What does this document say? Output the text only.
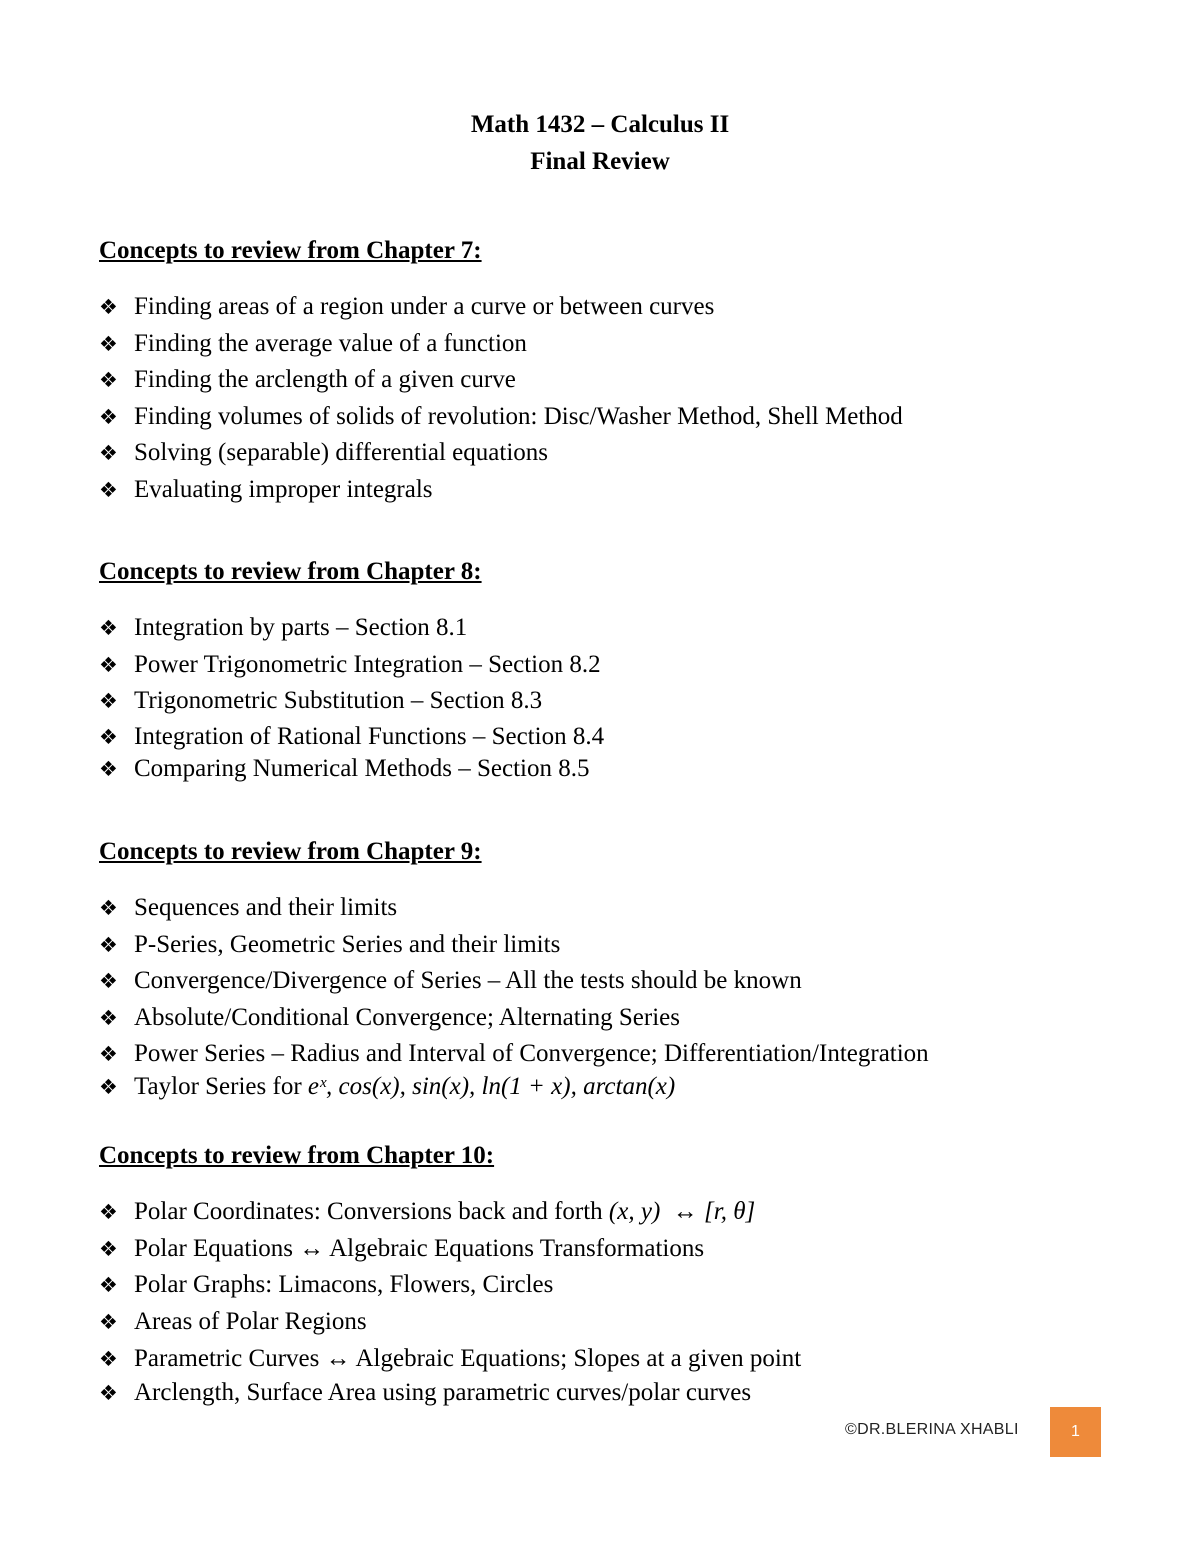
Math 1432 – Calculus II
Final Review

Concepts to review from Chapter 7:

❖ Finding areas of a region under a curve or between curves
❖ Finding the average value of a function
❖ Finding the arclength of a given curve
❖ Finding volumes of solids of revolution: Disc/Washer Method, Shell Method
❖ Solving (separable) differential equations
❖ Evaluating improper integrals

Concepts to review from Chapter 8:

❖ Integration by parts – Section 8.1
❖ Power Trigonometric Integration – Section 8.2
❖ Trigonometric Substitution – Section 8.3
❖ Integration of Rational Functions – Section 8.4
❖ Comparing Numerical Methods – Section 8.5

Concepts to review from Chapter 9:

❖ Sequences and their limits
❖ P-Series, Geometric Series and their limits
❖ Convergence/Divergence of Series – All the tests should be known
❖ Absolute/Conditional Convergence; Alternating Series
❖ Power Series – Radius and Interval of Convergence; Differentiation/Integration
❖ Taylor Series for eˣ, cos(x), sin(x), ln(1 + x), arctan(x)

Concepts to review from Chapter 10:

❖ Polar Coordinates: Conversions back and forth (x, y)  ↔ [r, θ]
❖ Polar Equations ↔ Algebraic Equations Transformations
❖ Polar Graphs: Limacons, Flowers, Circles
❖ Areas of Polar Regions
❖ Parametric Curves ↔ Algebraic Equations; Slopes at a given point
❖ Arclength, Surface Area using parametric curves/polar curves
©DR.BLERINA XHABLI	1
